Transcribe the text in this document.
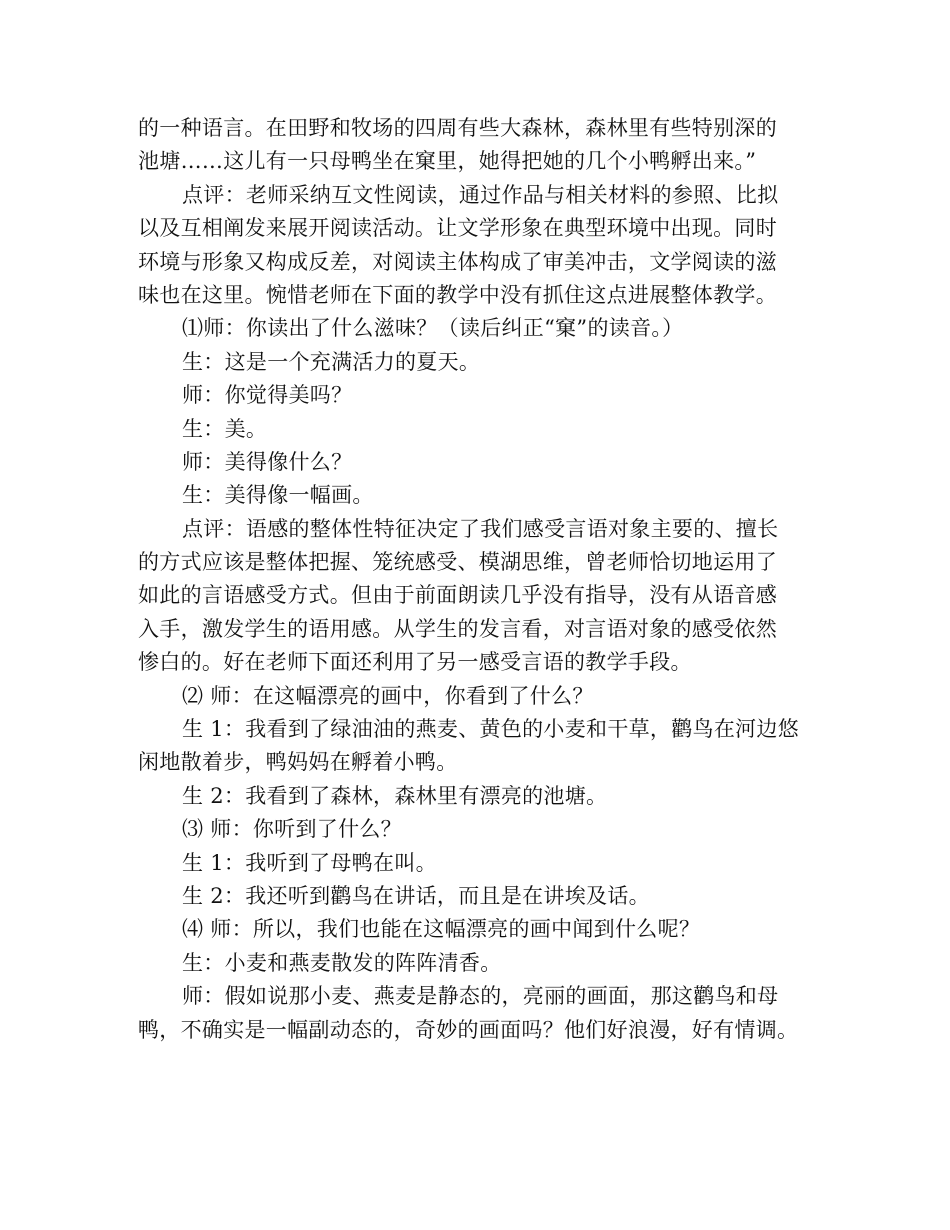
的一种语言。在田野和牧场的四周有些大森林，森林里有些特别深的
池塘……这儿有一只母鸭坐在窠里，她得把她的几个小鸭孵出来。”
点评：老师采纳互文性阅读，通过作品与相关材料的参照、比拟
以及互相阐发来展开阅读活动。让文学形象在典型环境中出现。同时
环境与形象又构成反差，对阅读主体构成了审美冲击，文学阅读的滋
味也在这里。惋惜老师在下面的教学中没有抓住这点进展整体教学。
⑴师：你读出了什么滋味？（读后纠正“窠”的读音。）
生：这是一个充满活力的夏天。
师：你觉得美吗？
生：美。
师：美得像什么？
生：美得像一幅画。
点评：语感的整体性特征决定了我们感受言语对象主要的、擅长
的方式应该是整体把握、笼统感受、模湖思维，曾老师恰切地运用了
如此的言语感受方式。但由于前面朗读几乎没有指导，没有从语音感
入手，激发学生的语用感。从学生的发言看，对言语对象的感受依然
惨白的。好在老师下面还利用了另一感受言语的教学手段。
⑵ 师：在这幅漂亮的画中，你看到了什么？
生 1：我看到了绿油油的燕麦、黄色的小麦和干草，鹳鸟在河边悠
闲地散着步，鸭妈妈在孵着小鸭。
生 2：我看到了森林，森林里有漂亮的池塘。
⑶ 师：你听到了什么？
生 1：我听到了母鸭在叫。
生 2：我还听到鹳鸟在讲话，而且是在讲埃及话。
⑷ 师：所以，我们也能在这幅漂亮的画中闻到什么呢？
生：小麦和燕麦散发的阵阵清香。
师：假如说那小麦、燕麦是静态的，亮丽的画面，那这鹳鸟和母
鸭，不确实是一幅副动态的，奇妙的画面吗？他们好浪漫，好有情调。
